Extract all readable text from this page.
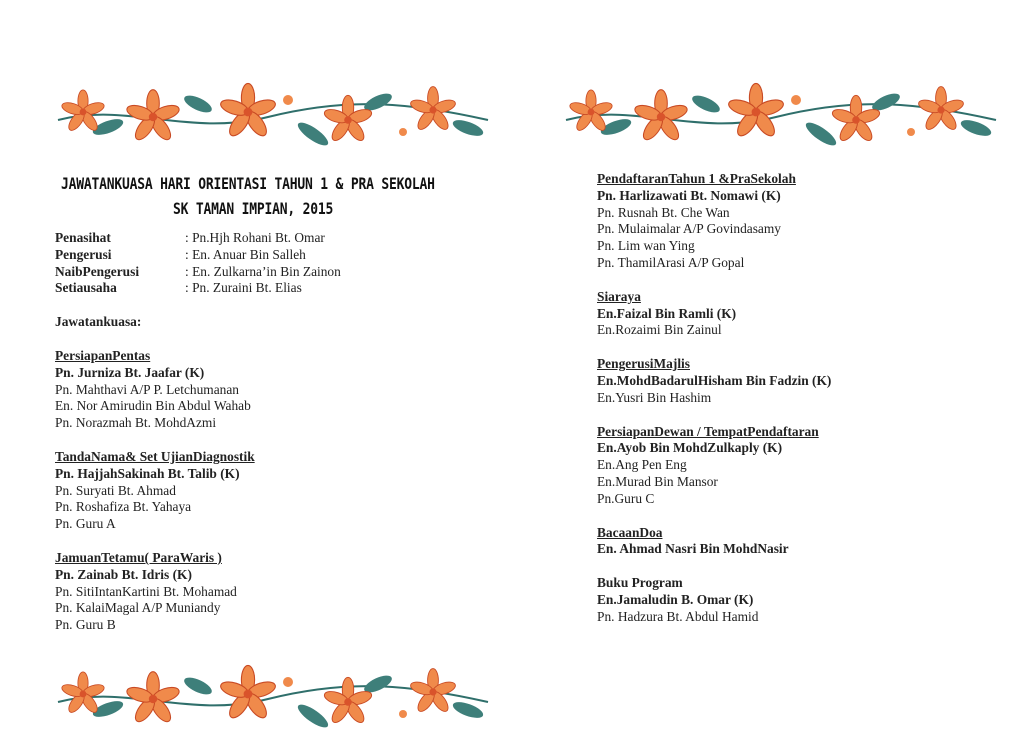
JAWATANKUASA HARI ORIENTASI TAHUN 1 & PRA SEKOLAH
SK TAMAN IMPIAN, 2015
Penasihat	: Pn.Hjh Rohani Bt. Omar
Pengerusi	: En. Anuar Bin Salleh
NaibPengerusi	: En. Zulkarna’in Bin Zainon
Setiausaha	: Pn. Zuraini Bt. Elias
Jawatankuasa:
PersiapanPentas
Pn. Jurniza Bt. Jaafar (K)
Pn. Mahthavi A/P P. Letchumanan
En. Nor Amirudin Bin Abdul Wahab
Pn. Norazmah Bt. MohdAzmi
TandaNama& Set UjianDiagnostik
Pn. HajjahSakinah Bt. Talib (K)
Pn. Suryati Bt. Ahmad
Pn. Roshafiza Bt. Yahaya
Pn. Guru A
JamuanTetamu( ParaWaris )
Pn. Zainab Bt. Idris (K)
Pn. SitiIntanKartini Bt. Mohamad
Pn. KalaiMagal A/P Muniandy
Pn. Guru B
PendaftaranTahun 1 &PraSekolah
Pn. Harlizawati Bt. Nomawi (K)
Pn. Rusnah Bt. Che Wan
Pn. Mulaimalar A/P Govindasamy
Pn. Lim wan Ying
Pn. ThamilArasi A/P Gopal
Siaraya
En.Faizal Bin Ramli (K)
En.Rozaimi Bin Zainul
PengerusiMajlis
En.MohdBadarulHisham Bin Fadzin (K)
En.Yusri Bin Hashim
PersiapanDewan / TempatPendaftaran
En.Ayob Bin MohdZulkaply (K)
En.Ang Pen Eng
En.Murad Bin Mansor
Pn.Guru C
BacaanDoa
En. Ahmad Nasri Bin MohdNasir
Buku Program
En.Jamaludin B. Omar (K)
Pn. Hadzura Bt. Abdul Hamid
